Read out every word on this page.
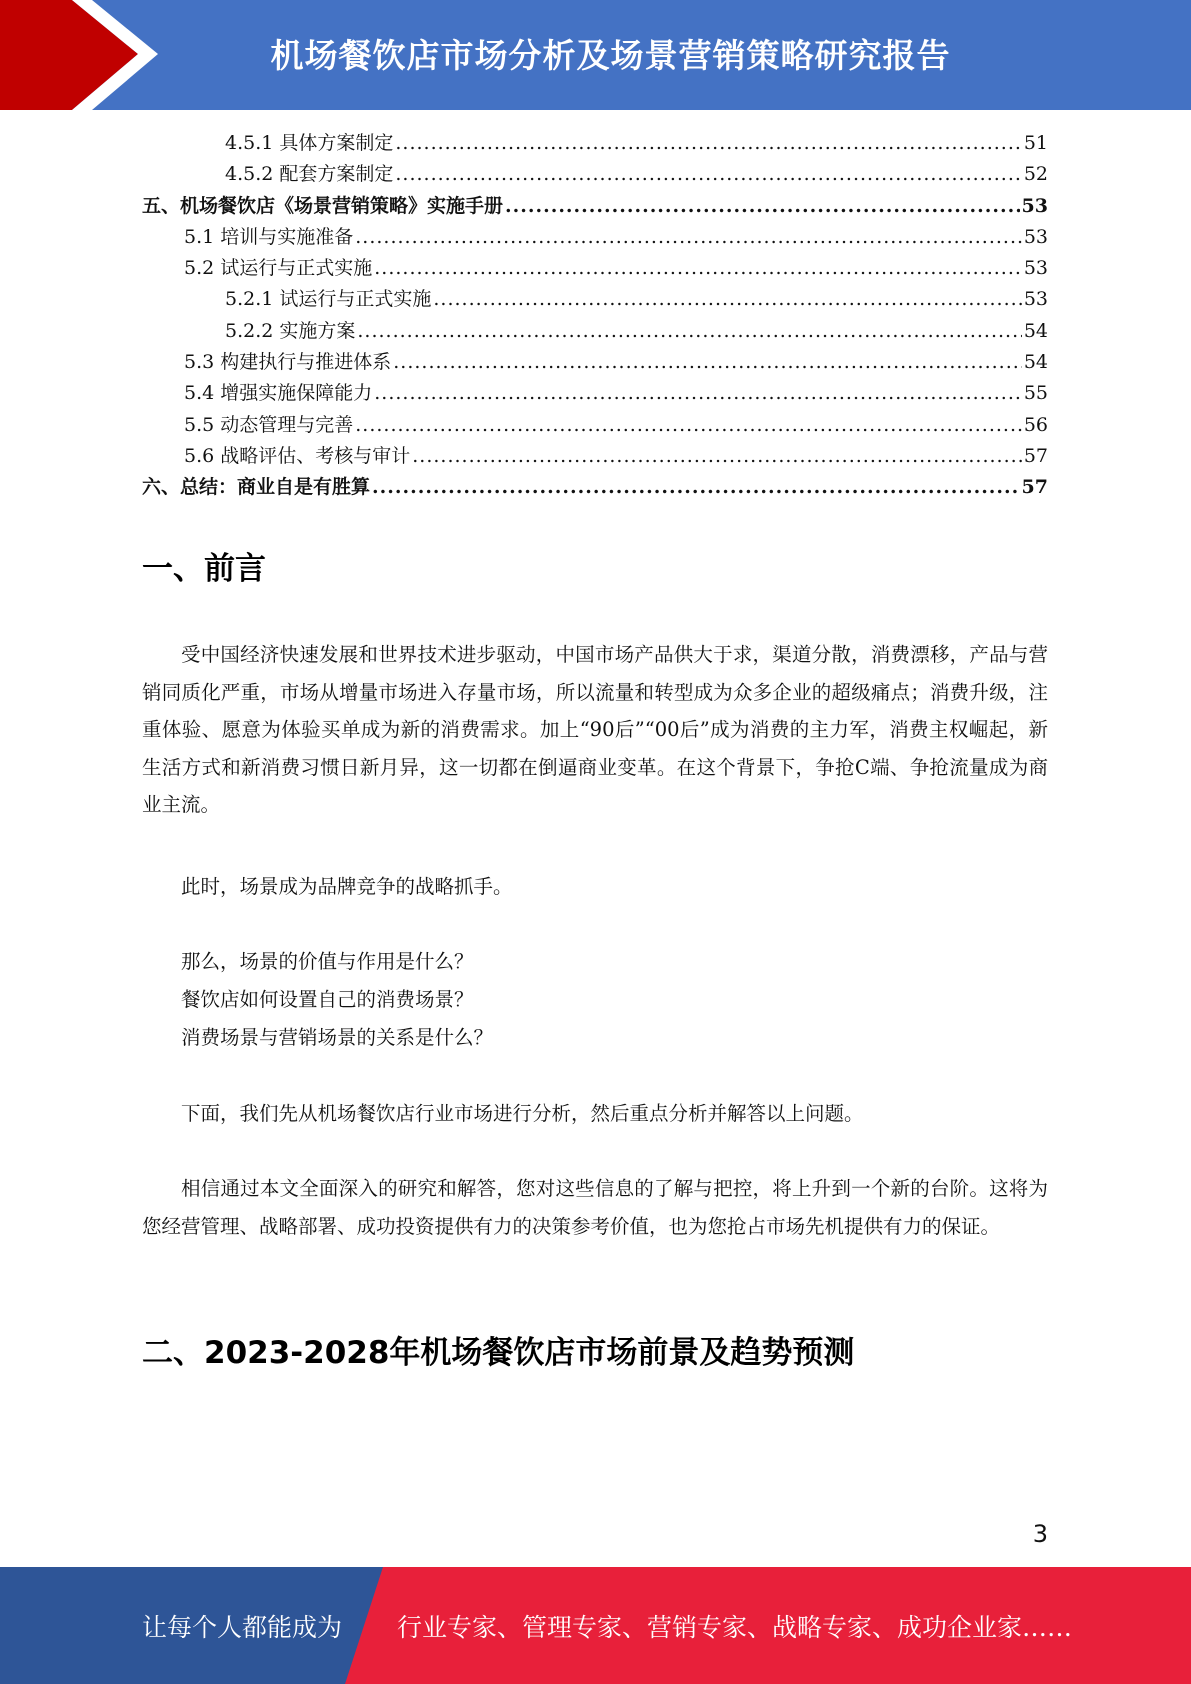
机场餐饮店市场分析及场景营销策略研究报告
4.5.1 具体方案制定 .....	51
4.5.2 配套方案制定 .....	52
五、机场餐饮店《场景营销策略》实施手册 .....	53
5.1 培训与实施准备 .....	53
5.2 试运行与正式实施 .....	53
5.2.1 试运行与正式实施 .....	53
5.2.2 实施方案 .....	54
5.3 构建执行与推进体系 .....	54
5.4 增强实施保障能力 .....	55
5.5 动态管理与完善 .....	56
5.6 战略评估、考核与审计 .....	57
六、总结：商业自是有胜算 .....	57
一、前言

受中国经济快速发展和世界技术进步驱动，中国市场产品供大于求，渠道分散，消费漂移，产品与营销同质化严重，市场从增量市场进入存量市场，所以流量和转型成为众多企业的超级痛点；消费升级，注重体验、愿意为体验买单成为新的消费需求。加上“90后”“00后”成为消费的主力军，消费主权崛起，新生活方式和新消费习惯日新月异，这一切都在倒逼商业变革。在这个背景下，争抢C端、争抢流量成为商业主流。

此时，场景成为品牌竞争的战略抓手。

那么，场景的价值与作用是什么？

餐饮店如何设置自己的消费场景？

消费场景与营销场景的关系是什么？

下面，我们先从机场餐饮店行业市场进行分析，然后重点分析并解答以上问题。

相信通过本文全面深入的研究和解答，您对这些信息的了解与把控，将上升到一个新的台阶。这将为您经营管理、战略部署、成功投资提供有力的决策参考价值，也为您抢占市场先机提供有力的保证。

二、2023-2028年机场餐饮店市场前景及趋势预测
3
让每个人都能成为 行业专家、管理专家、营销专家、战略专家、成功企业家……
